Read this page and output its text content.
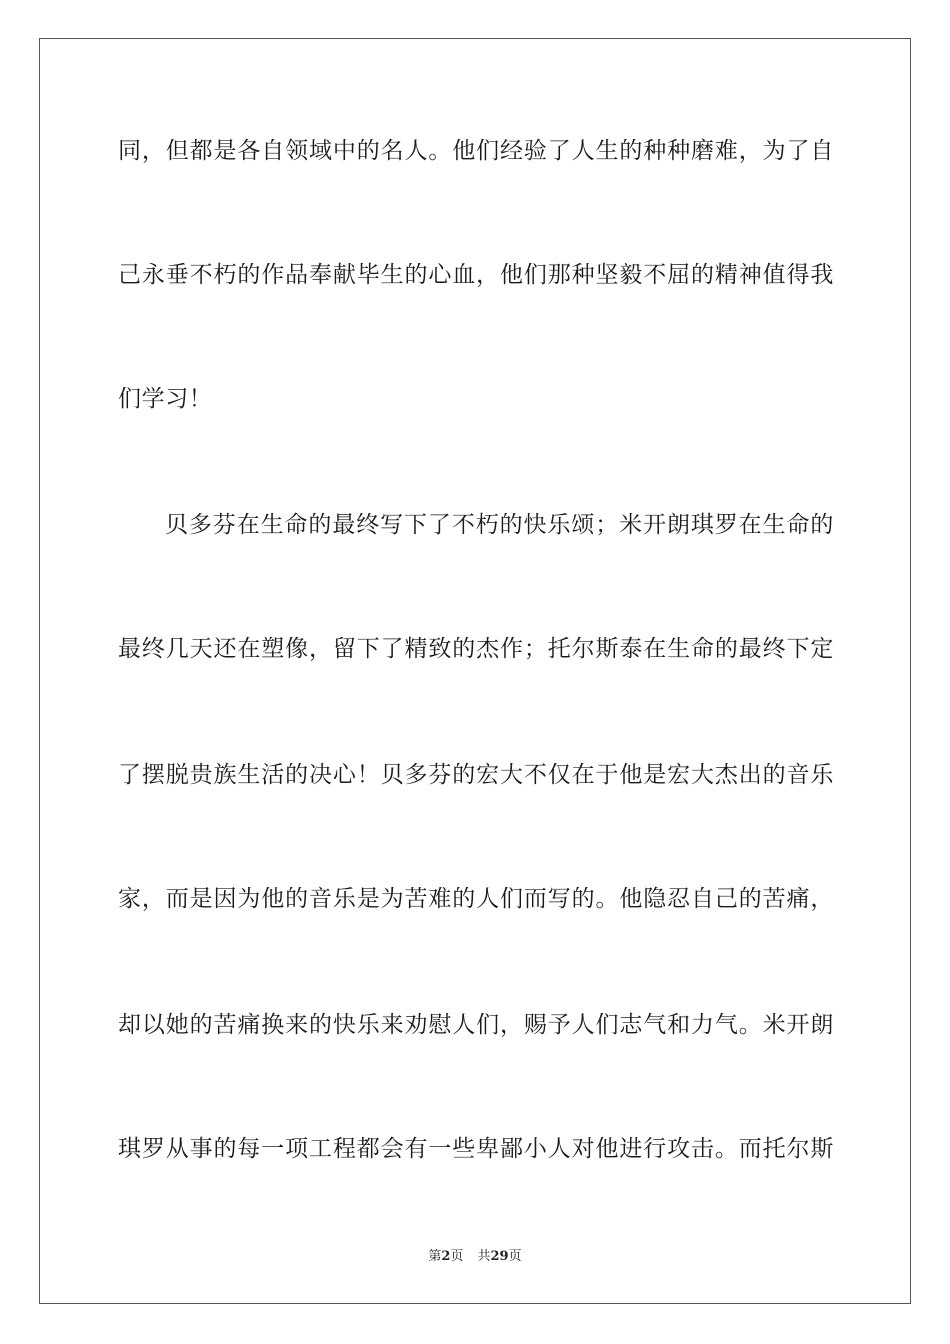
同，但都是各自领域中的名人。他们经验了人生的种种磨难，为了自
己永垂不朽的作品奉献毕生的心血，他们那种坚毅不屈的精神值得我
们学习！
贝多芬在生命的最终写下了不朽的快乐颂；米开朗琪罗在生命的
最终几天还在塑像，留下了精致的杰作；托尔斯泰在生命的最终下定
了摆脱贵族生活的决心！贝多芬的宏大不仅在于他是宏大杰出的音乐
家，而是因为他的音乐是为苦难的人们而写的。他隐忍自己的苦痛，
却以她的苦痛换来的快乐来劝慰人们，赐予人们志气和力气。米开朗
琪罗从事的每一项工程都会有一些卑鄙小人对他进行攻击。而托尔斯
第2页 共29页
